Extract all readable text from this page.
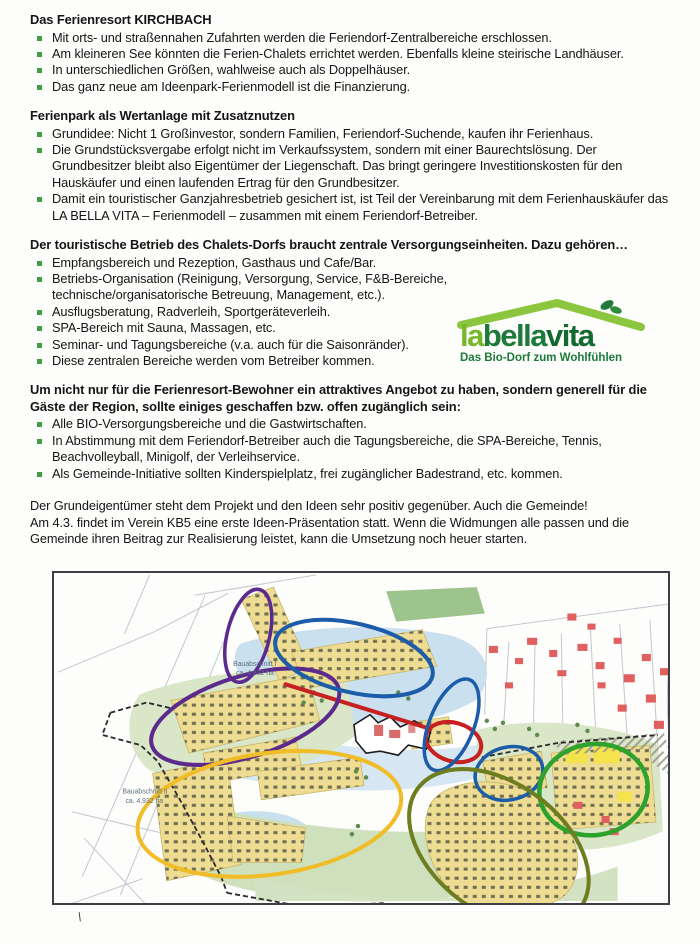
Das Ferienresort KIRCHBACH
Mit orts- und straßennahen Zufahrten werden die Feriendorf-Zentralbereiche erschlossen.
Am kleineren See könnten die Ferien-Chalets errichtet werden. Ebenfalls kleine steirische Landhäuser.
In unterschiedlichen Größen, wahlweise auch als Doppelhäuser.
Das ganz neue am Ideenpark-Ferienmodell ist die Finanzierung.
Ferienpark als Wertanlage mit Zusatznutzen
Grundidee: Nicht 1 Großinvestor, sondern Familien, Feriendorf-Suchende, kaufen ihr Ferienhaus.
Die Grundstücksvergabe erfolgt nicht im Verkaufssystem, sondern mit einer Baurechtslösung. Der Grundbesitzer bleibt also Eigentümer der Liegenschaft. Das bringt geringere Investitionskosten für den Hauskäufer und einen laufenden Ertrag für den Grundbesitzer.
Damit ein touristischer Ganzjahresbetrieb gesichert ist, ist Teil der Vereinbarung mit dem Ferienhauskäufer das LA BELLA VITA – Ferienmodell – zusammen mit einem Feriendorf-Betreiber.
Der touristische Betrieb des Chalets-Dorfs braucht zentrale Versorgungseinheiten. Dazu gehören…
Empfangsbereich und Rezeption, Gasthaus und Cafe/Bar.
Betriebs-Organisation (Reinigung, Versorgung, Service, F&B-Bereiche, technische/organisatorische Betreuung, Management, etc.).
Ausflugsberatung, Radverleih, Sportgeräteverleih.
SPA-Bereich mit Sauna, Massagen, etc.
Seminar- und Tagungsbereiche (v.a. auch für die Saisonränder).
Diese zentralen Bereiche werden vom Betreiber kommen.
Um nicht nur für die Ferienresort-Bewohner ein attraktives Angebot zu haben, sondern generell für die Gäste der Region, sollte einiges geschaffen bzw. offen zugänglich sein:
Alle BIO-Versorgungsbereiche und die Gastwirtschaften.
In Abstimmung mit dem Feriendorf-Betreiber auch die Tagungsbereiche, die SPA-Bereiche, Tennis, Beachvolleyball, Minigolf, der Verleihservice.
Als Gemeinde-Initiative sollten Kinderspielplatz, frei zugänglicher Badestrand, etc. kommen.

Der Grundeigentümer steht dem Projekt und den Ideen sehr positiv gegenüber. Auch die Gemeinde!

Am 4.3. findet im Verein KB5 eine erste Ideen-Präsentation statt. Wenn die Widmungen alle passen und die Gemeinde ihren Beitrag zur Realisierung leistet, kann die Umsetzung noch heuer starten.

labellavita
Das Bio-Dorf zum Wohlfühlen
Bauabschnitt I
ca. 4.632 ha
Bauabschnitt II
ca. 4.932 ha
\
